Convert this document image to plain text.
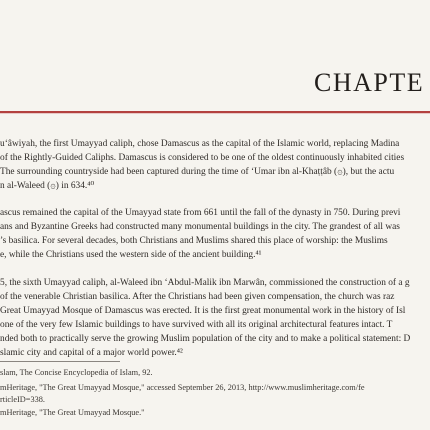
CHAPTE
u‘âwiyah, the first Umayyad caliph, chose Damascus as the capital of the Islamic world, replacing Madina
of the Rightly-Guided Caliphs. Damascus is considered to be one of the oldest continuously inhabited cities
The surrounding countryside had been captured during the time of ‘Umar ibn al-Khaṭṭâb (۞), but the actu
n al-Waleed (۞) in 634.⁴⁰
ascus remained the capital of the Umayyad state from 661 until the fall of the dynasty in 750. During previ
ans and Byzantine Greeks had constructed many monumental buildings in the city. The grandest of all was
’s basilica. For several decades, both Christians and Muslims shared this place of worship: the Muslims
e, while the Christians used the western side of the ancient building.⁴¹
5, the sixth Umayyad caliph, al-Waleed ibn ‘Abdul-Malik ibn Marwân, commissioned the construction of a g
of the venerable Christian basilica. After the Christians had been given compensation, the church was raz
Great Umayyad Mosque of Damascus was erected. It is the first great monumental work in the history of Isl
one of the very few Islamic buildings to have survived with all its original architectural features intact. T
nded both to practically serve the growing Muslim population of the city and to make a political statement: D
slamic city and capital of a major world power.⁴²
slam, The Concise Encyclopedia of Islam, 92.
mHeritage, "The Great Umayyad Mosque," accessed September 26, 2013, http://www.muslimheritage.com/fe
rticleID=338.
mHeritage, "The Great Umayyad Mosque."
